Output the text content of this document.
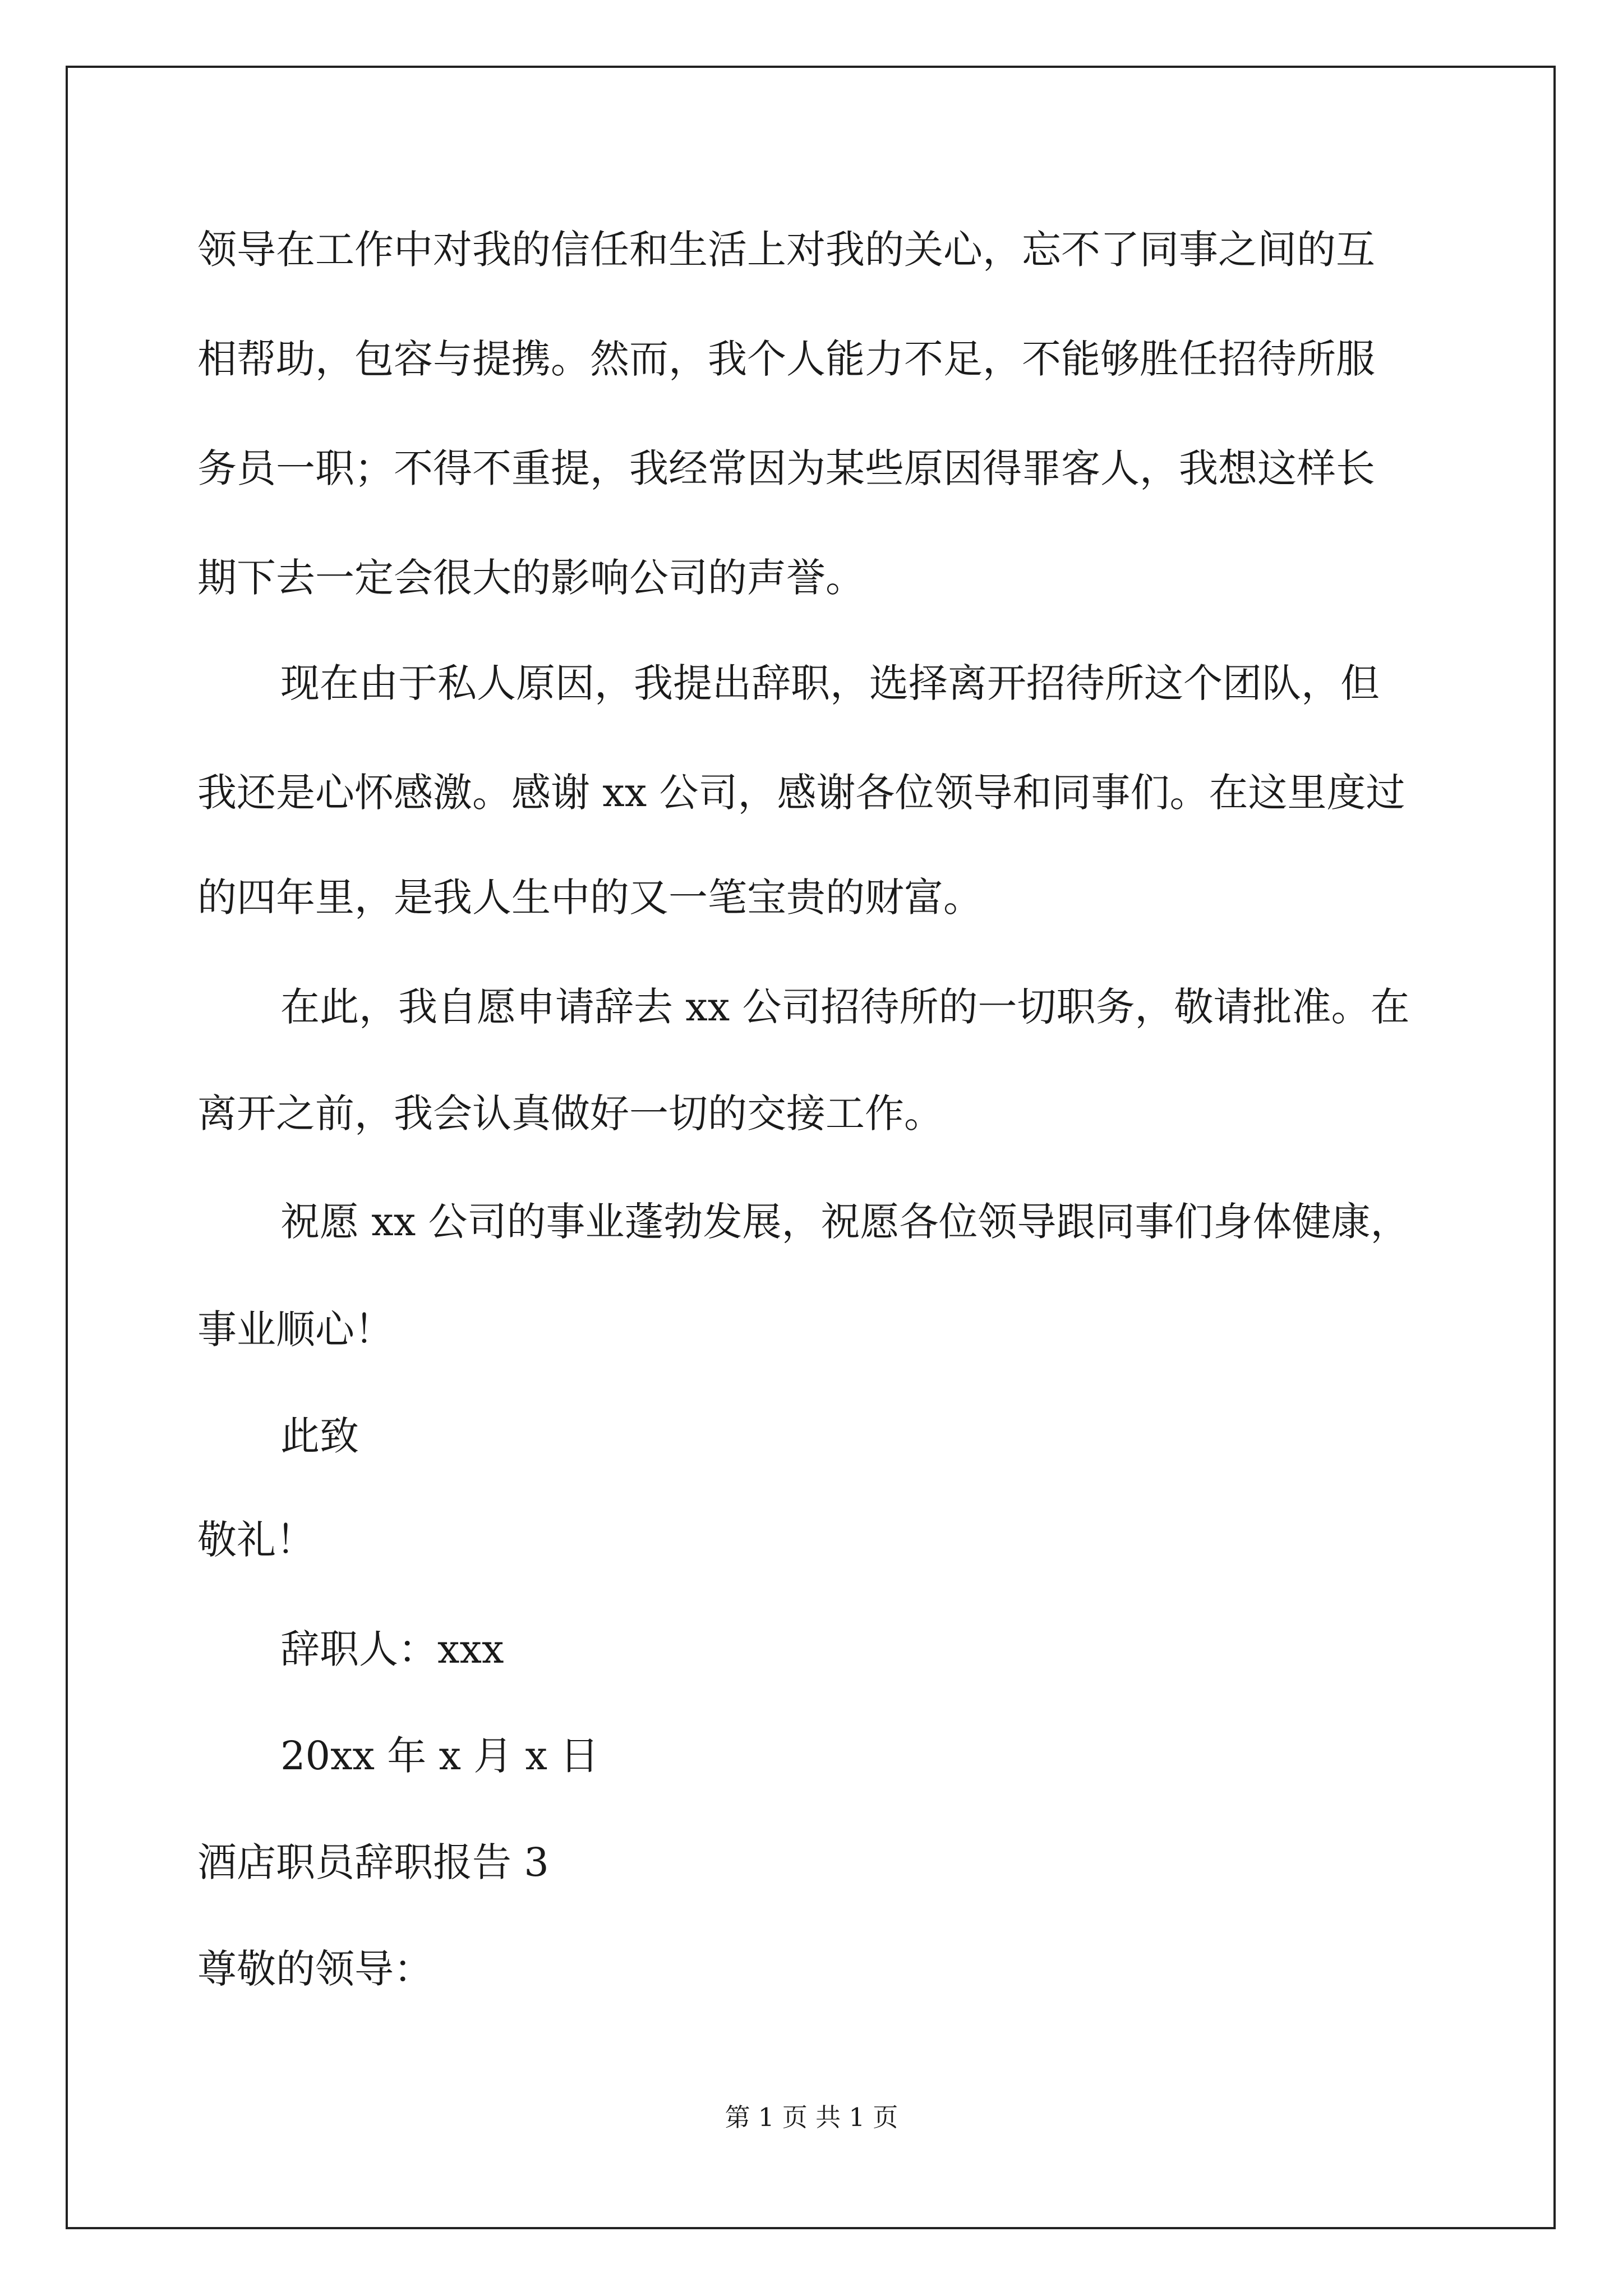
领导在工作中对我的信任和生活上对我的关心，忘不了同事之间的互

相帮助，包容与提携。然而，我个人能力不足，不能够胜任招待所服

务员一职；不得不重提，我经常因为某些原因得罪客人，我想这样长

期下去一定会很大的影响公司的声誉。

现在由于私人原因，我提出辞职，选择离开招待所这个团队，但

我还是心怀感激。感谢 xx 公司，感谢各位领导和同事们。在这里度过

的四年里，是我人生中的又一笔宝贵的财富。

在此，我自愿申请辞去 xx 公司招待所的一切职务，敬请批准。在

离开之前，我会认真做好一切的交接工作。

祝愿 xx 公司的事业蓬勃发展，祝愿各位领导跟同事们身体健康，

事业顺心！

此致

敬礼！

辞职人：xxx

20xx 年 x 月 x 日

酒店职员辞职报告 3

尊敬的领导：

第 1 页 共 1 页
